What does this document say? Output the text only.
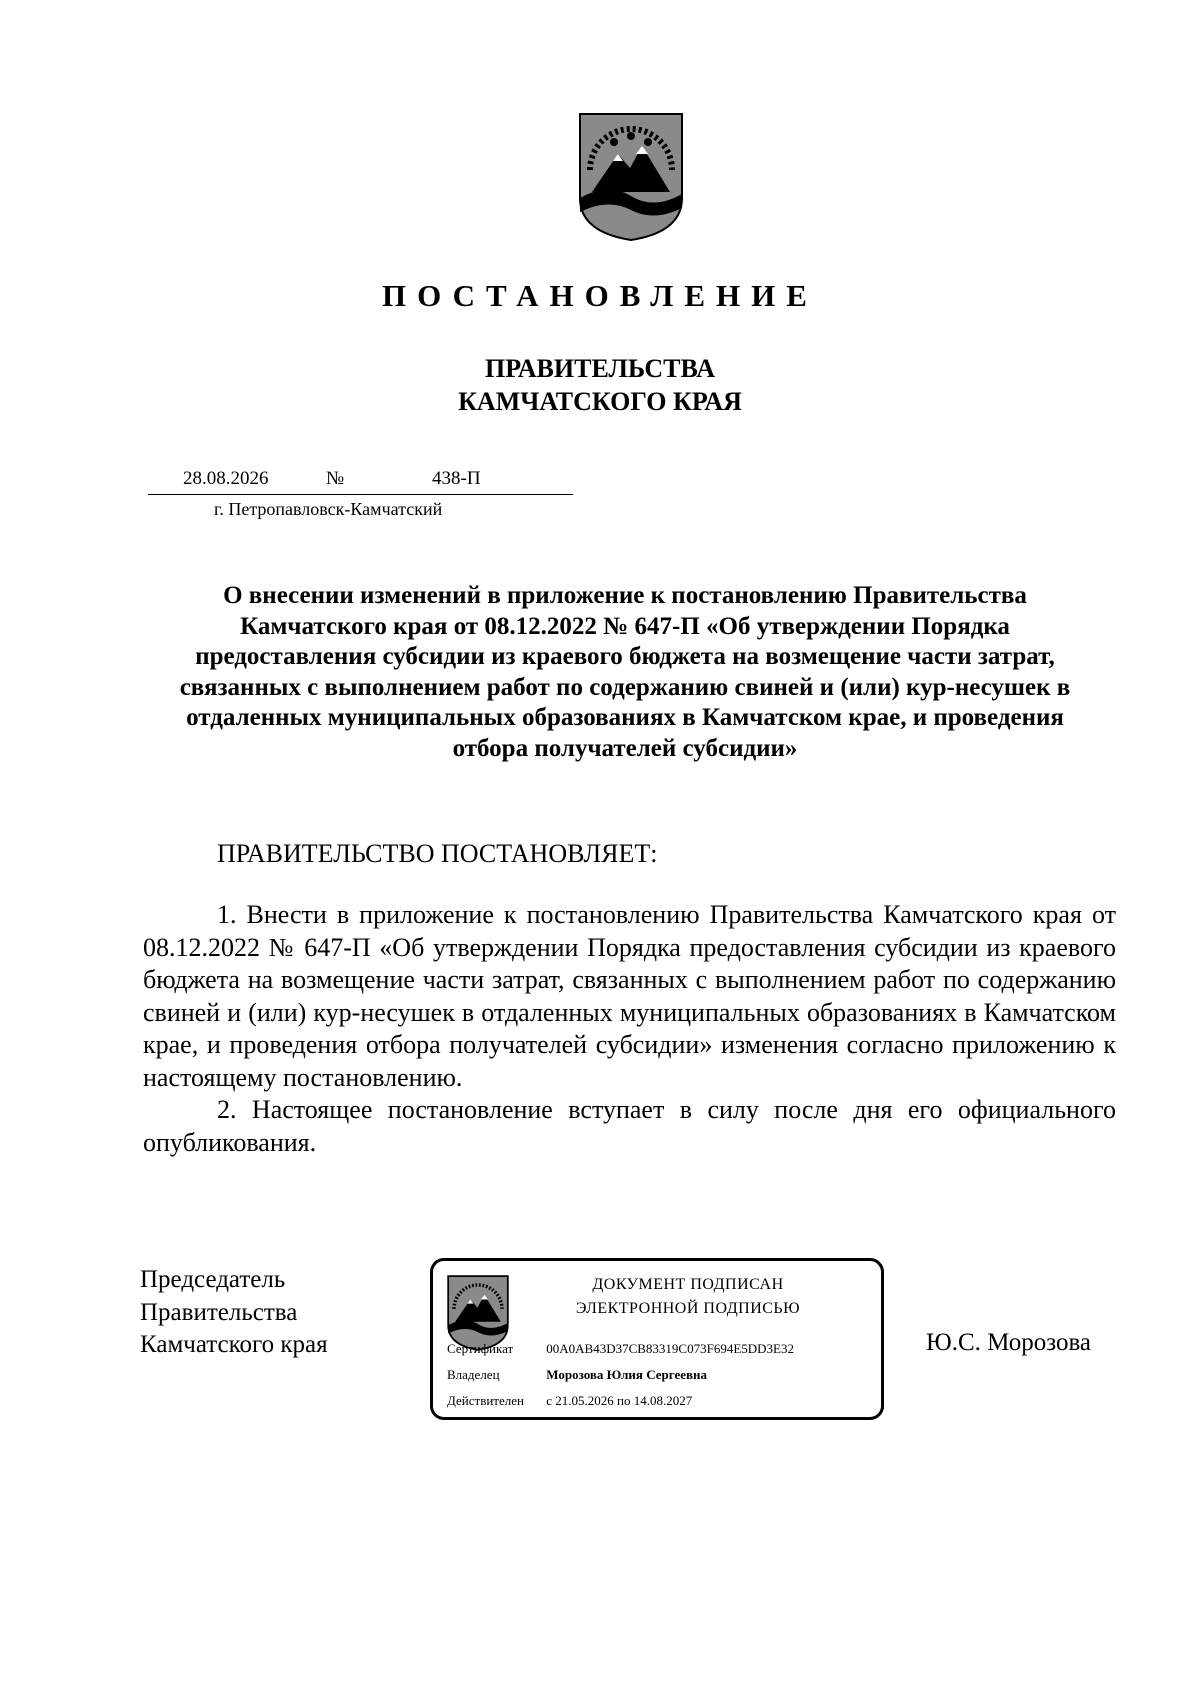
ПОСТАНОВЛЕНИЕ
ПРАВИТЕЛЬСТВА
КАМЧАТСКОГО КРАЯ
28.08.2026	№	438-П
г. Петропавловск-Камчатский
О внесении изменений в приложение к постановлению Правительства Камчатского края от 08.12.2022 № 647-П «Об утверждении Порядка предоставления субсидии из краевого бюджета на возмещение части затрат, связанных с выполнением работ по содержанию свиней и (или) кур-несушек в отдаленных муниципальных образованиях в Камчатском крае, и проведения отбора получателей субсидии»
ПРАВИТЕЛЬСТВО ПОСТАНОВЛЯЕТ:

1. Внести в приложение к постановлению Правительства Камчатского края от 08.12.2022 № 647-П «Об утверждении Порядка предоставления субсидии из краевого бюджета на возмещение части затрат, связанных с выполнением работ по содержанию свиней и (или) кур-несушек в отдаленных муниципальных образованиях в Камчатском крае, и проведения отбора получателей субсидии» изменения согласно приложению к настоящему постановлению.

2. Настоящее постановление вступает в силу после дня его официального опубликования.

Председатель
Правительства
Камчатского края
ДОКУМЕНТ ПОДПИСАН
ЭЛЕКТРОННОЙ ПОДПИСЬЮ
Сертификат	00A0AB43D37CB83319C073F694E5DD3E32
Владелец	Морозова Юлия Сергеевна
Действителен с 21.05.2026 по 14.08.2027
Ю.С. Морозова
